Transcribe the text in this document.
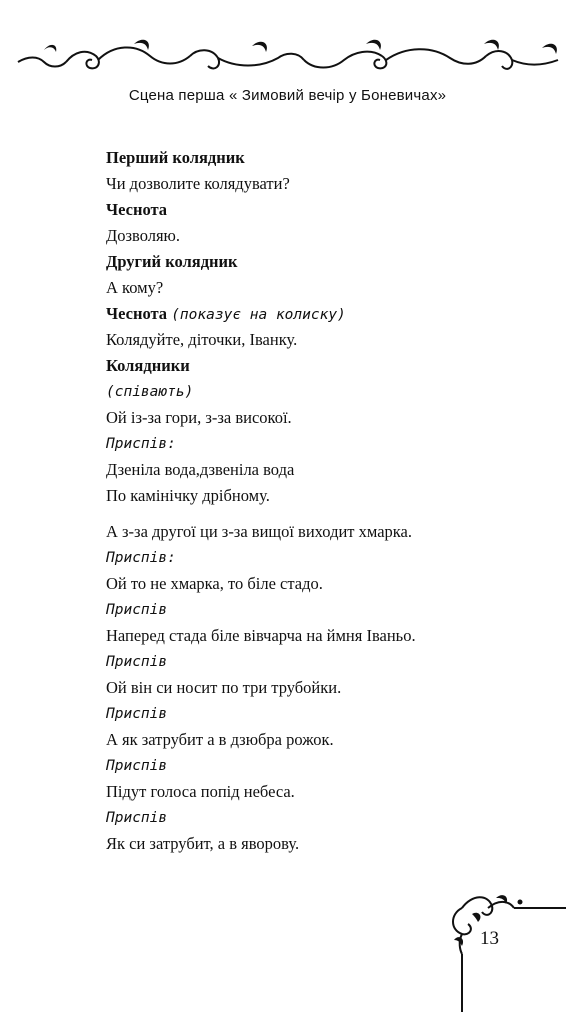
Сцена перша « Зимовий вечір у Боневичах»
Перший колядник
Чи дозволите колядувати?
Чеснота
Дозволяю.
Другий колядник
А кому?
Чеснота (показує на колиску)
Колядуйте, діточки, Іванку.
Колядники
(співають)
Ой із-за гори, з-за високої.
Приспів:
Дзеніла вода,дзвеніла вода
По камінічку дрібному.
А з-за другої ци з-за вищої виходит хмарка.
Приспів:
Ой то не хмарка, то біле стадо.
Приспів
Наперед стада біле вівчарча на ймня Іваньо.
Приспів
Ой він си носит по три трубойки.
Приспів
А як затрубит а в дзюбра рожок.
Приспів
Підут голоса попід небеса.
Приспів
Як си затрубит, а в яворову.
13
